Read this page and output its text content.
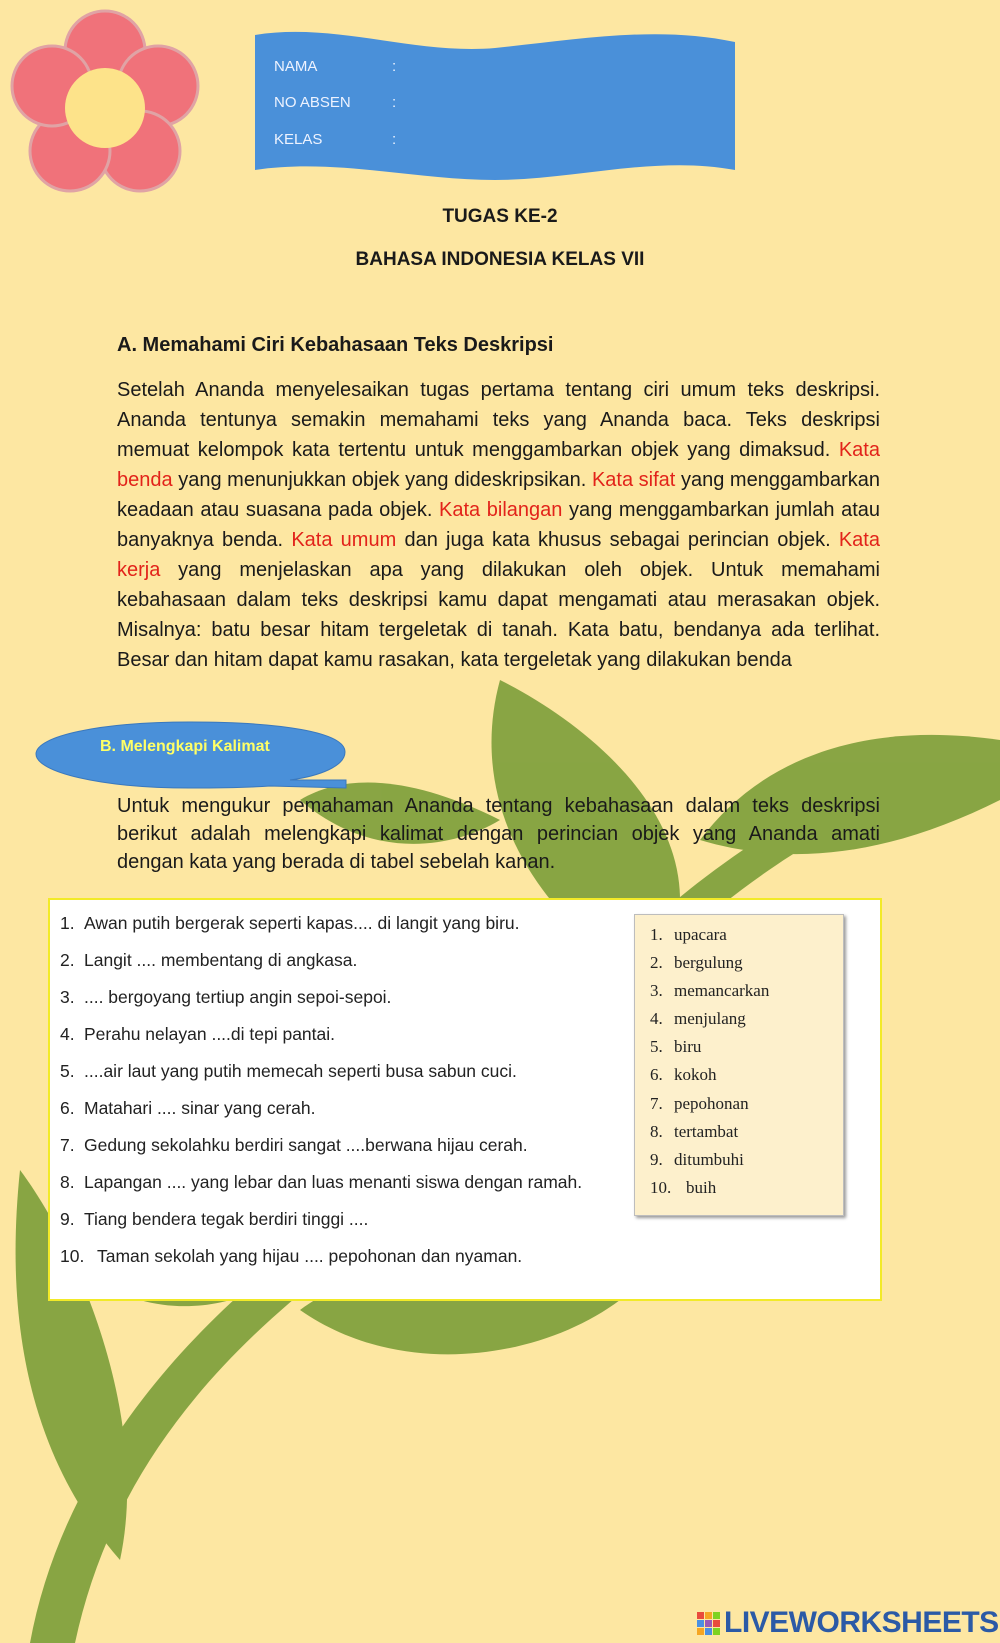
NAMA	:
NO ABSEN	:
KELAS	:
TUGAS KE-2
BAHASA INDONESIA KELAS VII
A. Memahami Ciri Kebahasaan Teks Deskripsi
Setelah Ananda menyelesaikan tugas pertama tentang ciri umum teks deskripsi. Ananda tentunya semakin memahami teks yang Ananda baca. Teks deskripsi memuat kelompok kata tertentu untuk menggambarkan objek yang dimaksud. Kata benda yang menunjukkan objek yang dideskripsikan. Kata sifat yang menggambarkan keadaan atau suasana pada objek. Kata bilangan yang menggambarkan jumlah atau banyaknya benda. Kata umum dan juga kata khusus sebagai perincian objek. Kata kerja yang menjelaskan apa yang dilakukan oleh objek. Untuk memahami kebahasaan dalam teks deskripsi kamu dapat mengamati atau merasakan objek. Misalnya: batu besar hitam tergeletak di tanah. Kata batu, bendanya ada terlihat. Besar dan hitam dapat kamu rasakan, kata tergeletak yang dilakukan benda
B. Melengkapi Kalimat
Untuk mengukur pemahaman Ananda tentang kebahasaan dalam teks deskripsi berikut adalah melengkapi kalimat dengan perincian objek yang Ananda amati dengan kata yang berada di tabel sebelah kanan.
1. Awan putih bergerak seperti kapas.... di langit yang biru.
2. Langit .... membentang di angkasa.
3. .... bergoyang tertiup angin sepoi-sepoi.
4. Perahu nelayan ....di tepi pantai.
5. ....air laut yang putih memecah seperti busa sabun cuci.
6. Matahari .... sinar yang cerah.
7. Gedung sekolahku berdiri sangat ....berwana hijau cerah.
8. Lapangan .... yang lebar dan luas menanti siswa dengan ramah.
9. Tiang bendera tegak berdiri tinggi ....
10. Taman sekolah yang hijau .... pepohonan dan nyaman.
1. upacara
2. bergulung
3. memancarkan
4. menjulang
5. biru
6. kokoh
7. pepohonan
8. tertambat
9. ditumbuhi
10. buih
LIVEWORKSHEETS
